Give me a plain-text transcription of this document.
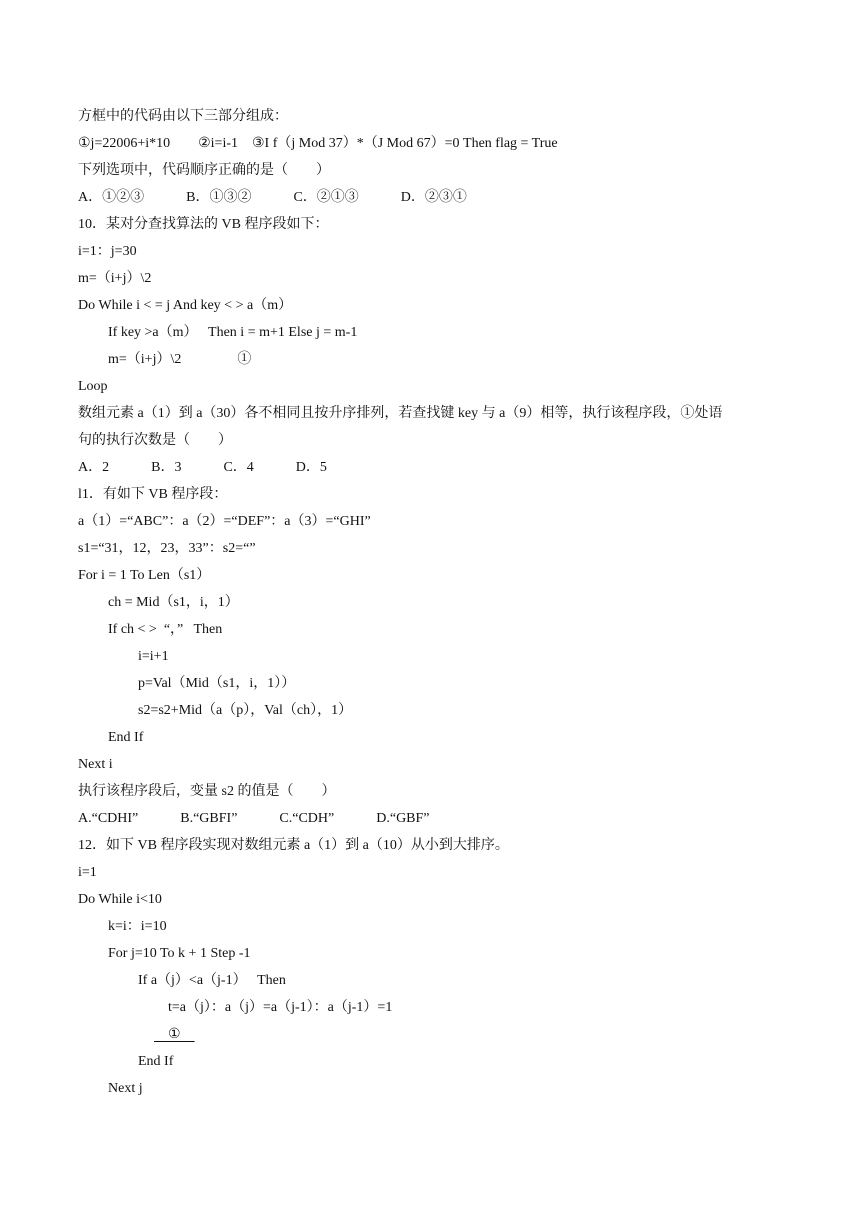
方框中的代码由以下三部分组成：
①j=22006+i*10        ②i=i-1    ③I f（j Mod 37）*（J Mod 67）=0 Then flag = True
下列选项中，代码顺序正确的是（        ）
A．①②③            B．①③②            C．②①③            D．②③①
10．某对分查找算法的 VB 程序段如下：
i=1：j=30
m=（i+j）\2
Do While i < = j And key < > a（m）
If key >a（m）   Then i = m+1 Else j = m-1
m=（i+j）\2                ①
Loop
数组元素 a（1）到 a（30）各不相同且按升序排列，若查找键 key 与 a（9）相等，执行该程序段，①处语
句的执行次数是（        ）
A．2            B．3            C．4            D．5
l1．有如下 VB 程序段：
a（1）=“ABC”：a（2）=“DEF”：a（3）=“GHI”
s1=“31，12，23，33”：s2=“”
For i = 1 To Len（s1）
ch = Mid（s1，i，1）
If ch < >  “，”   Then
i=i+1
p=Val（Mid（s1，i，1））
s2=s2+Mid（a（p），Val（ch），1）
End If
Next i
执行该程序段后，变量 s2 的值是（        ）
A.“CDHI”            B.“GBFI”            C.“CDH”            D.“GBF”
12．如下 VB 程序段实现对数组元素 a（1）到 a（10）从小到大排序。
i=1
Do While i<10
k=i：i=10
For j=10 To k + 1 Step -1
If a（j）<a（j-1）   Then
t=a（j）：a（j）=a（j-1）：a（j-1）=1
①
End If
Next j
